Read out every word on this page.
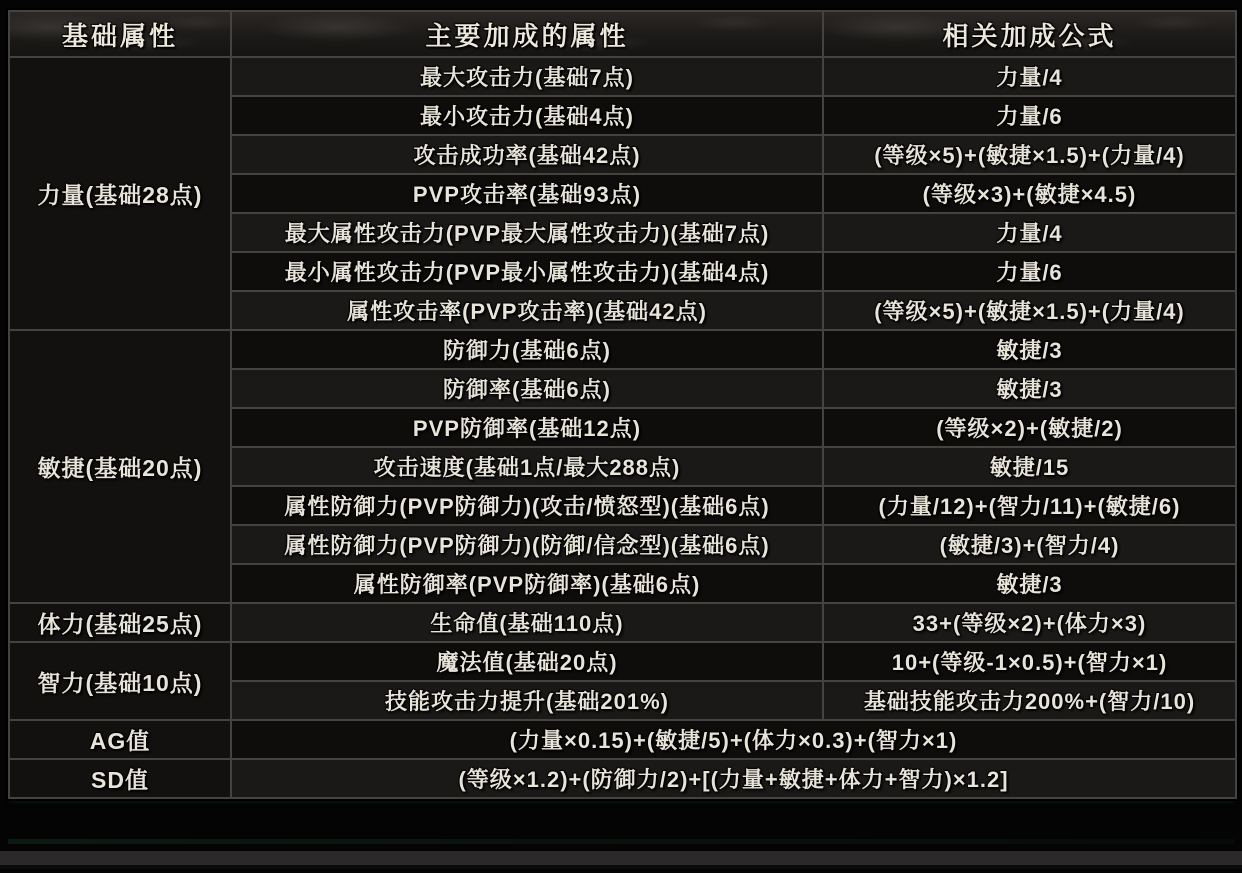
基础属性	主要加成的属性	相关加成公式
力量(基础28点)	最大攻击力(基础7点)	力量/4
	最小攻击力(基础4点)	力量/6
	攻击成功率(基础42点)	(等级×5)+(敏捷×1.5)+(力量/4)
	PVP攻击率(基础93点)	(等级×3)+(敏捷×4.5)
	最大属性攻击力(PVP最大属性攻击力)(基础7点)	力量/4
	最小属性攻击力(PVP最小属性攻击力)(基础4点)	力量/6
	属性攻击率(PVP攻击率)(基础42点)	(等级×5)+(敏捷×1.5)+(力量/4)
敏捷(基础20点)	防御力(基础6点)	敏捷/3
	防御率(基础6点)	敏捷/3
	PVP防御率(基础12点)	(等级×2)+(敏捷/2)
	攻击速度(基础1点/最大288点)	敏捷/15
	属性防御力(PVP防御力)(攻击/愤怒型)(基础6点)	(力量/12)+(智力/11)+(敏捷/6)
	属性防御力(PVP防御力)(防御/信念型)(基础6点)	(敏捷/3)+(智力/4)
	属性防御率(PVP防御率)(基础6点)	敏捷/3
体力(基础25点)	生命值(基础110点)	33+(等级×2)+(体力×3)
智力(基础10点)	魔法值(基础20点)	10+(等级-1×0.5)+(智力×1)
	技能攻击力提升(基础201%)	基础技能攻击力200%+(智力/10)
AG值	(力量×0.15)+(敏捷/5)+(体力×0.3)+(智力×1)	
SD值	(等级×1.2)+(防御力/2)+[(力量+敏捷+体力+智力)×1.2]	
